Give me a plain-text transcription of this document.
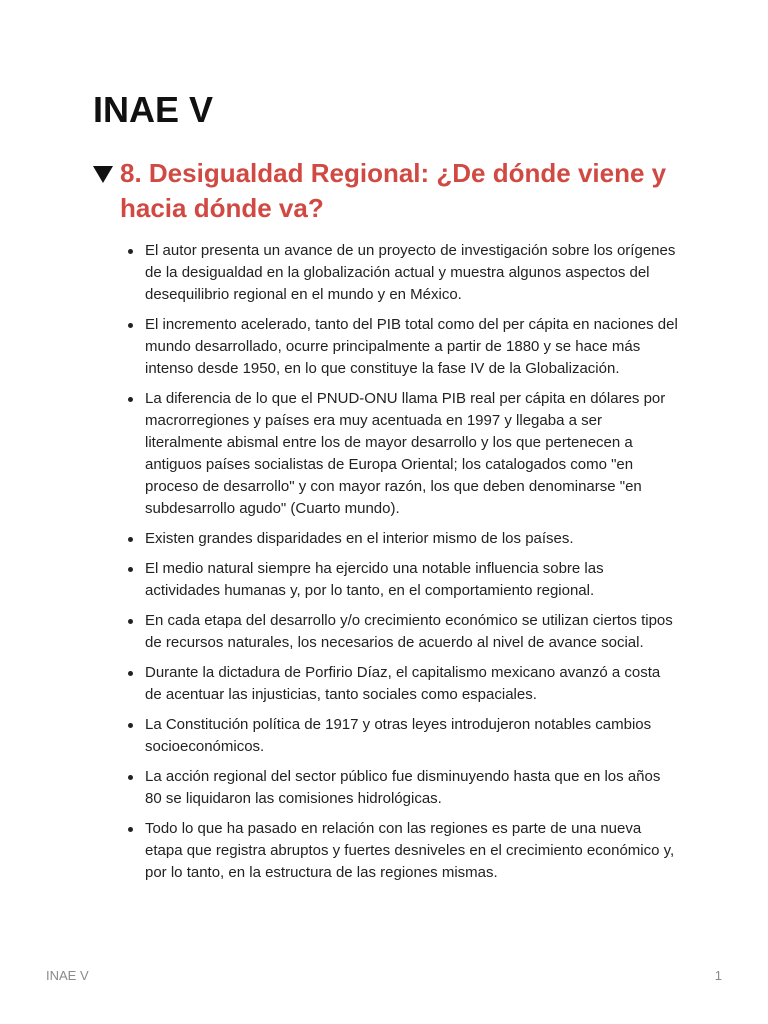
INAE V
8. Desigualdad Regional: ¿De dónde viene y hacia dónde va?
El autor presenta un avance de un proyecto de investigación sobre los orígenes de la desigualdad en la globalización actual y muestra algunos aspectos del desequilibrio regional en el mundo y en México.
El incremento acelerado, tanto del PIB total como del per cápita en naciones del mundo desarrollado, ocurre principalmente a partir de 1880 y se hace más intenso desde 1950, en lo que constituye la fase IV de la Globalización.
La diferencia de lo que el PNUD-ONU llama PIB real per cápita en dólares por macrorregiones y países era muy acentuada en 1997 y llegaba a ser literalmente abismal entre los de mayor desarrollo y los que pertenecen a antiguos países socialistas de Europa Oriental; los catalogados como "en proceso de desarrollo" y con mayor razón, los que deben denominarse "en subdesarrollo agudo" (Cuarto mundo).
Existen grandes disparidades en el interior mismo de los países.
El medio natural siempre ha ejercido una notable influencia sobre las actividades humanas y, por lo tanto, en el comportamiento regional.
En cada etapa del desarrollo y/o crecimiento económico se utilizan ciertos tipos de recursos naturales, los necesarios de acuerdo al nivel de avance social.
Durante la dictadura de Porfirio Díaz, el capitalismo mexicano avanzó a costa de acentuar las injusticias, tanto sociales como espaciales.
La Constitución política de 1917 y otras leyes introdujeron notables cambios socioeconómicos.
La acción regional del sector público fue disminuyendo hasta que en los años 80 se liquidaron las comisiones hidrológicas.
Todo lo que ha pasado en relación con las regiones es parte de una nueva etapa que registra abruptos y fuertes desniveles en el crecimiento económico y, por lo tanto, en la estructura de las regiones mismas.
INAE V	1
